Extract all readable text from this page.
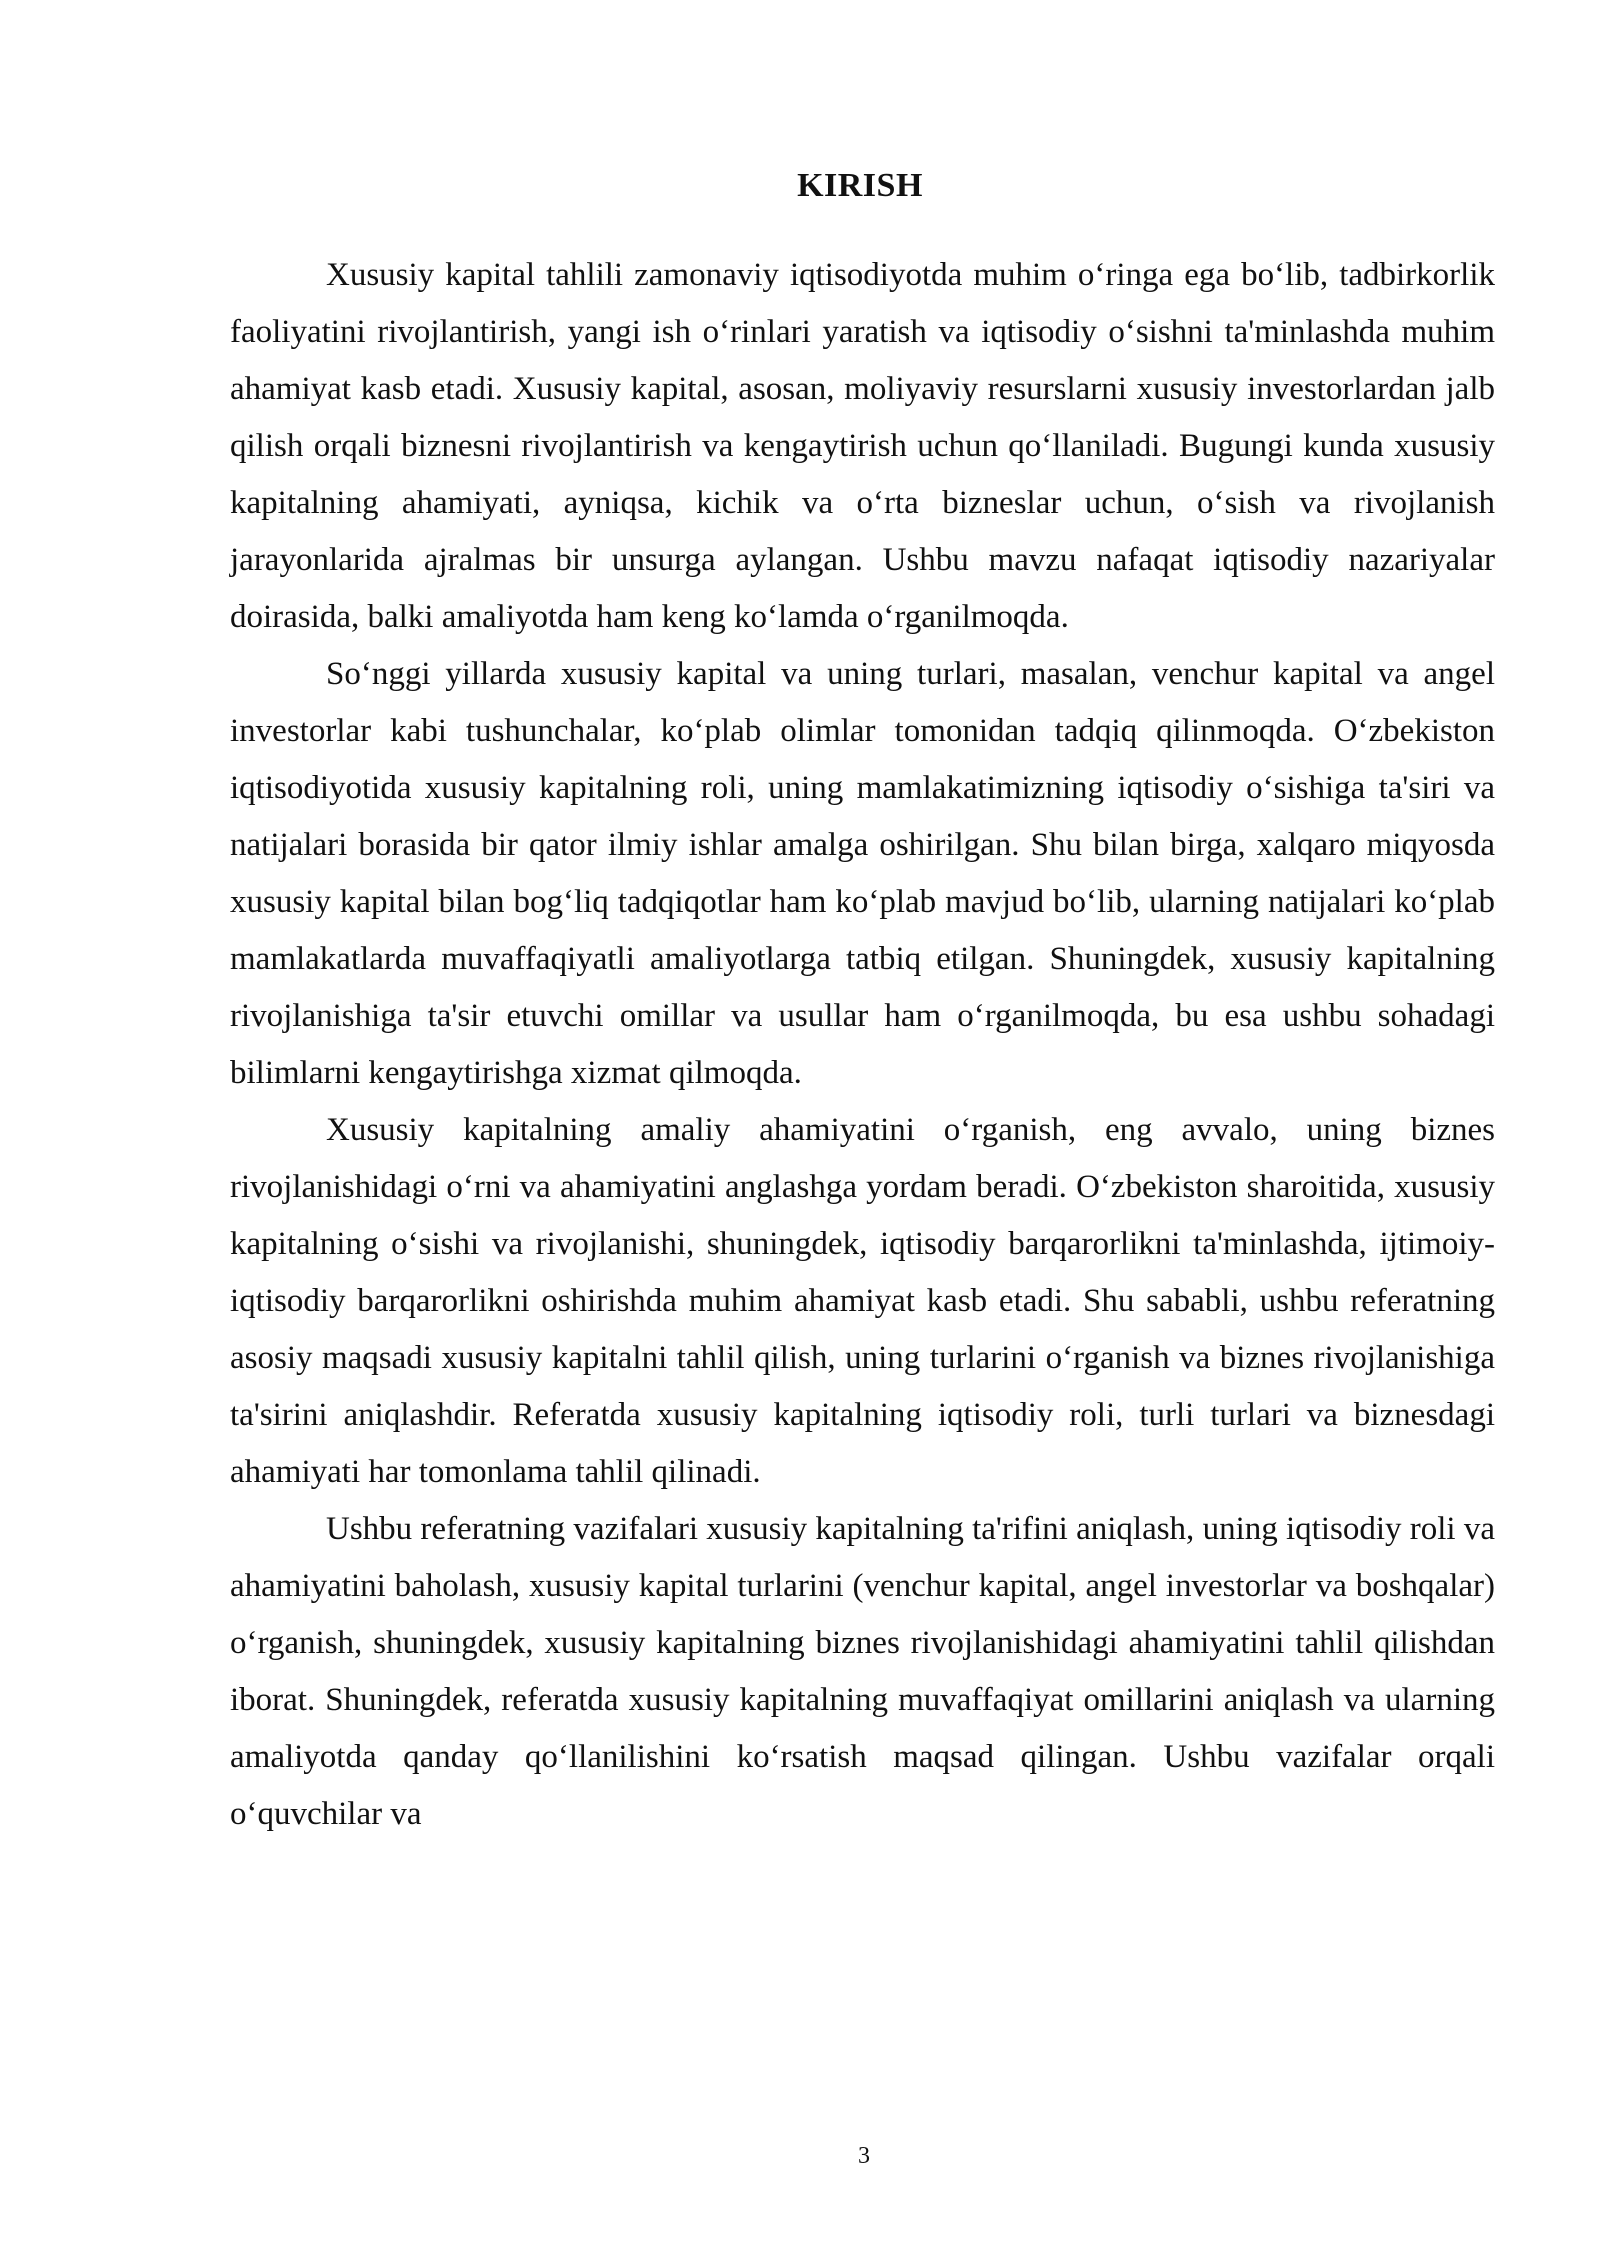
KIRISH

Xususiy kapital tahlili zamonaviy iqtisodiyotda muhim o‘ringa ega bo‘lib, tadbirkorlik faoliyatini rivojlantirish, yangi ish o‘rinlari yaratish va iqtisodiy o‘sishni ta'minlashda muhim ahamiyat kasb etadi. Xususiy kapital, asosan, moliyaviy resurslarni xususiy investorlardan jalb qilish orqali biznesni rivojlantirish va kengaytirish uchun qo‘llaniladi. Bugungi kunda xususiy kapitalning ahamiyati, ayniqsa, kichik va o‘rta bizneslar uchun, o‘sish va rivojlanish jarayonlarida ajralmas bir unsurga aylangan. Ushbu mavzu nafaqat iqtisodiy nazariyalar doirasida, balki amaliyotda ham keng ko‘lamda o‘rganilmoqda.

So‘nggi yillarda xususiy kapital va uning turlari, masalan, venchur kapital va angel investorlar kabi tushunchalar, ko‘plab olimlar tomonidan tadqiq qilinmoqda. O‘zbekiston iqtisodiyotida xususiy kapitalning roli, uning mamlakatimizning iqtisodiy o‘sishiga ta'siri va natijalari borasida bir qator ilmiy ishlar amalga oshirilgan. Shu bilan birga, xalqaro miqyosda xususiy kapital bilan bog‘liq tadqiqotlar ham ko‘plab mavjud bo‘lib, ularning natijalari ko‘plab mamlakatlarda muvaffaqiyatli amaliyotlarga tatbiq etilgan. Shuningdek, xususiy kapitalning rivojlanishiga ta'sir etuvchi omillar va usullar ham o‘rganilmoqda, bu esa ushbu sohadagi bilimlarni kengaytirishga xizmat qilmoqda.

Xususiy kapitalning amaliy ahamiyatini o‘rganish, eng avvalo, uning biznes rivojlanishidagi o‘rni va ahamiyatini anglashga yordam beradi. O‘zbekiston sharoitida, xususiy kapitalning o‘sishi va rivojlanishi, shuningdek, iqtisodiy barqarorlikni ta'minlashda, ijtimoiy-iqtisodiy barqarorlikni oshirishda muhim ahamiyat kasb etadi. Shu sababli, ushbu referatning asosiy maqsadi xususiy kapitalni tahlil qilish, uning turlarini o‘rganish va biznes rivojlanishiga ta'sirini aniqlashdir. Referatda xususiy kapitalning iqtisodiy roli, turli turlari va biznesdagi ahamiyati har tomonlama tahlil qilinadi.

Ushbu referatning vazifalari xususiy kapitalning ta'rifini aniqlash, uning iqtisodiy roli va ahamiyatini baholash, xususiy kapital turlarini (venchur kapital, angel investorlar va boshqalar) o‘rganish, shuningdek, xususiy kapitalning biznes rivojlanishidagi ahamiyatini tahlil qilishdan iborat. Shuningdek, referatda xususiy kapitalning muvaffaqiyat omillarini aniqlash va ularning amaliyotda qanday qo‘llanilishini ko‘rsatish maqsad qilingan. Ushbu vazifalar orqali o‘quvchilar va

3
